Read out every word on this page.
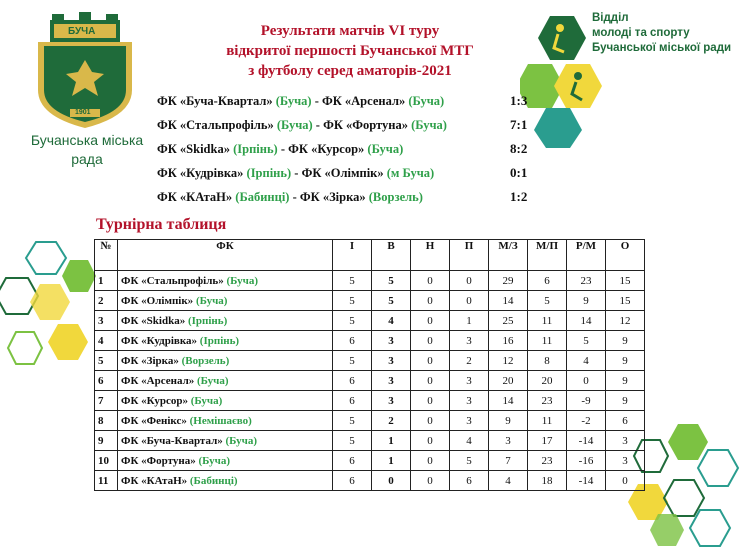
БУЧА
1901
Бучанська міська
рада
Результати матчів VI туру
відкритої першості Бучанської МТГ
з футболу серед аматорів-2021
Відділ
молоді та спорту
Бучанської міської ради
ФК «Буча-Квартал» (Буча) - ФК «Арсенал» (Буча)	1:3
ФК «Стальпрофіль» (Буча) - ФК «Фортуна» (Буча)	7:1
ФК «Skidka» (Ірпінь) - ФК «Курсор» (Буча)	8:2
ФК «Кудрівка» (Ірпінь) - ФК «Олімпік» (м Буча)	0:1
ФК «КАтаН» (Бабинці) - ФК «Зірка» (Ворзель)	1:2
Турнірна таблиця
№	ФК	І	В	Н	П	М/З	М/П	Р/М	О
1	ФК «Стальпрофіль» (Буча)	5	5	0	0	29	6	23	15
2	ФК «Олімпік» (Буча)	5	5	0	0	14	5	9	15
3	ФК «Skidka» (Ірпінь)	5	4	0	1	25	11	14	12
4	ФК «Кудрівка» (Ірпінь)	6	3	0	3	16	11	5	9
5	ФК «Зірка» (Ворзель)	5	3	0	2	12	8	4	9
6	ФК «Арсенал» (Буча)	6	3	0	3	20	20	0	9
7	ФК «Курсор» (Буча)	6	3	0	3	14	23	-9	9
8	ФК «Фенікс» (Немішаєво)	5	2	0	3	9	11	-2	6
9	ФК «Буча-Квартал» (Буча)	5	1	0	4	3	17	-14	3
10	ФК «Фортуна» (Буча)	6	1	0	5	7	23	-16	3
11	ФК «КАтаН» (Бабинці)	6	0	0	6	4	18	-14	0
